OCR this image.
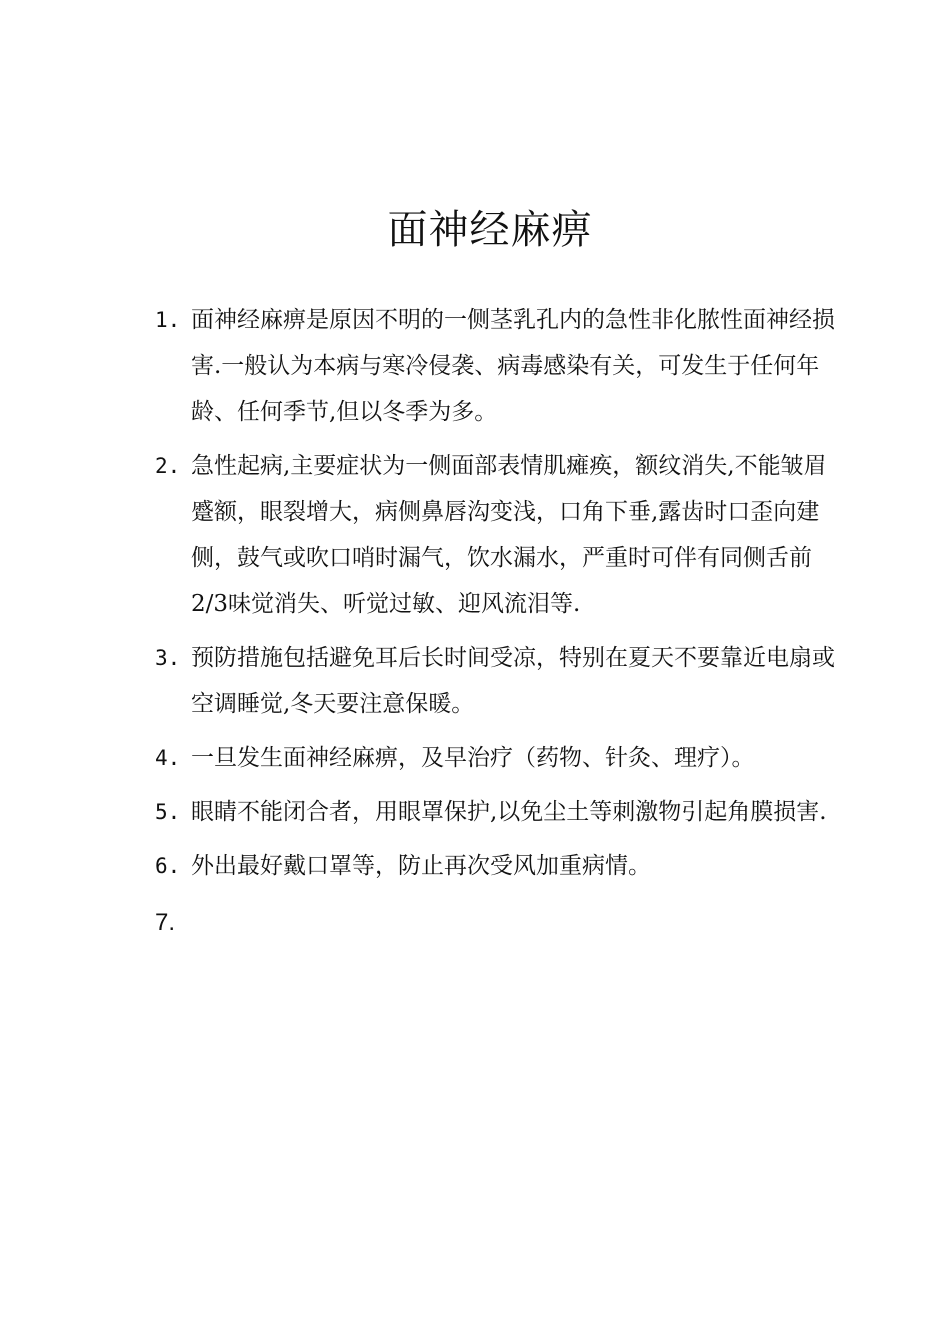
面神经麻痹
1. 面神经麻痹是原因不明的一侧茎乳孔内的急性非化脓性面神经损害.一般认为本病与寒冷侵袭、病毒感染有关，可发生于任何年龄、任何季节,但以冬季为多。
2. 急性起病,主要症状为一侧面部表情肌瘫痪，额纹消失,不能皱眉蹙额，眼裂增大，病侧鼻唇沟变浅，口角下垂,露齿时口歪向建侧，鼓气或吹口哨时漏气，饮水漏水，严重时可伴有同侧舌前2/3味觉消失、听觉过敏、迎风流泪等.
3. 预防措施包括避免耳后长时间受凉，特别在夏天不要靠近电扇或空调睡觉,冬天要注意保暖。
4. 一旦发生面神经麻痹，及早治疗（药物、针灸、理疗）。
5. 眼睛不能闭合者，用眼罩保护,以免尘土等刺激物引起角膜损害.
6. 外出最好戴口罩等，防止再次受风加重病情。
7.
